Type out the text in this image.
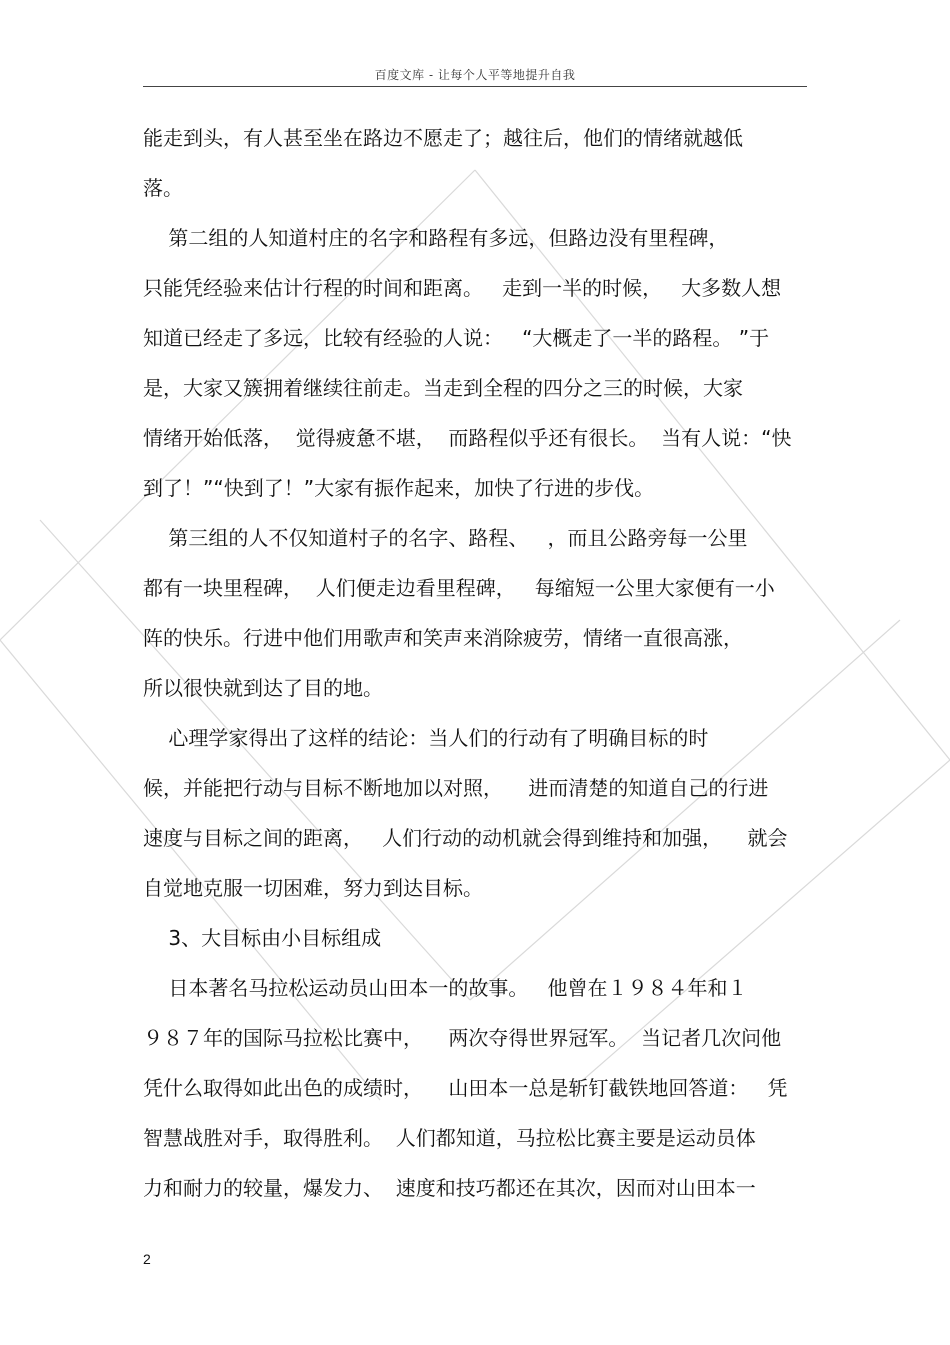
百度文库 - 让每个人平等地提升自我
能走到头，有人甚至坐在路边不愿走了；越往后，他们的情绪就越低
落。
第二组的人知道村庄的名字和路程有多远，但路边没有里程碑，
只能凭经验来估计行程的时间和距离。   走到一半的时候，   大多数人想
知道已经走了多远，比较有经验的人说：   “大概走了一半的路程。 ”于
是，大家又簇拥着继续往前走。当走到全程的四分之三的时候，大家
情绪开始低落，  觉得疲惫不堪，  而路程似乎还有很长。  当有人说：“快
到了！”“快到了！”大家有振作起来，加快了行进的步伐。
第三组的人不仅知道村子的名字、路程、   ，而且公路旁每一公里
都有一块里程碑，  人们便走边看里程碑，   每缩短一公里大家便有一小
阵的快乐。行进中他们用歌声和笑声来消除疲劳，情绪一直很高涨，
所以很快就到达了目的地。
心理学家得出了这样的结论：当人们的行动有了明确目标的时
候，并能把行动与目标不断地加以对照，    进而清楚的知道自己的行进
速度与目标之间的距离，   人们行动的动机就会得到维持和加强，    就会
自觉地克服一切困难，努力到达目标。
3、大目标由小目标组成
日本著名马拉松运动员山田本一的故事。   他曾在１９８４年和１
９８７年的国际马拉松比赛中，    两次夺得世界冠军。  当记者几次问他
凭什么取得如此出色的成绩时，    山田本一总是斩钉截铁地回答道：   凭
智慧战胜对手，取得胜利。  人们都知道，马拉松比赛主要是运动员体
力和耐力的较量，爆发力、  速度和技巧都还在其次，因而对山田本一
2
